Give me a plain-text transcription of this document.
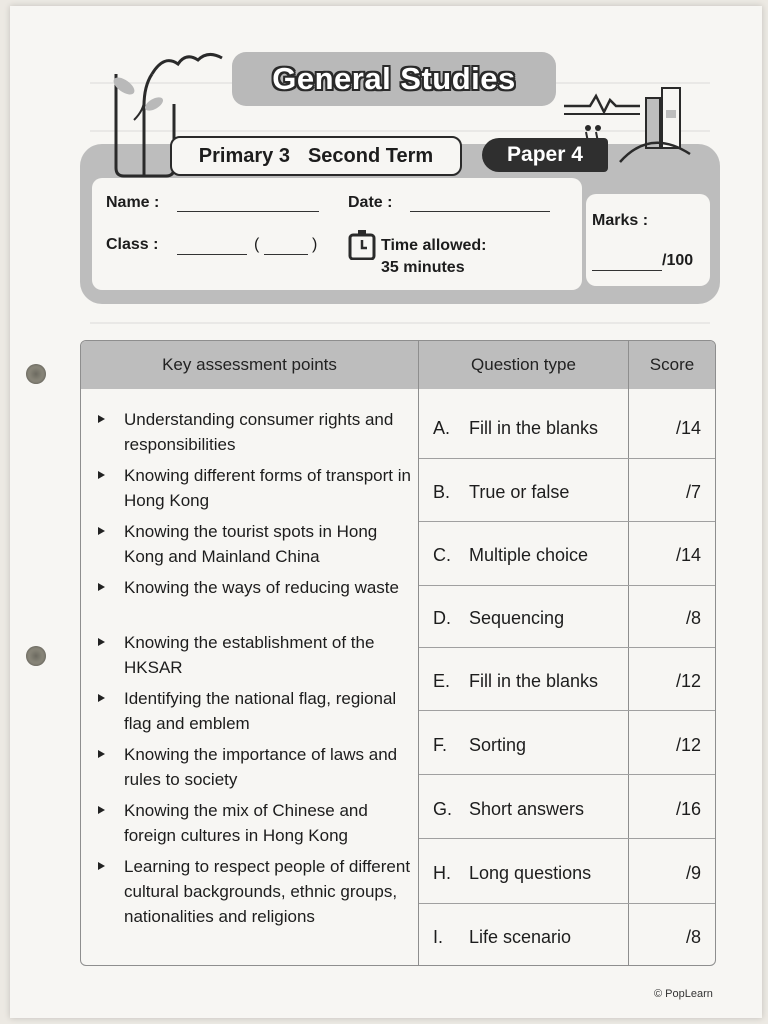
General Studies
Primary 3 Second Term	Paper 4
Name :	Date :
Class :	(	)	Time allowed:
35 minutes
Marks :
/100
Key assessment points	Question type	Score
Understanding consumer rights and responsibilities
Knowing different forms of transport in Hong Kong
Knowing the tourist spots in Hong Kong and Mainland China
Knowing the ways of reducing waste
Knowing the establishment of the HKSAR
Identifying the national flag, regional flag and emblem
Knowing the importance of laws and rules to society
Knowing the mix of Chinese and foreign cultures in Hong Kong
Learning to respect people of different cultural backgrounds, ethnic groups, nationalities and religions
A. Fill in the blanks	/14
B. True or false	/7
C. Multiple choice	/14
D. Sequencing	/8
E. Fill in the blanks	/12
F. Sorting	/12
G. Short answers	/16
H. Long questions	/9
I. Life scenario	/8
© PopLearn
